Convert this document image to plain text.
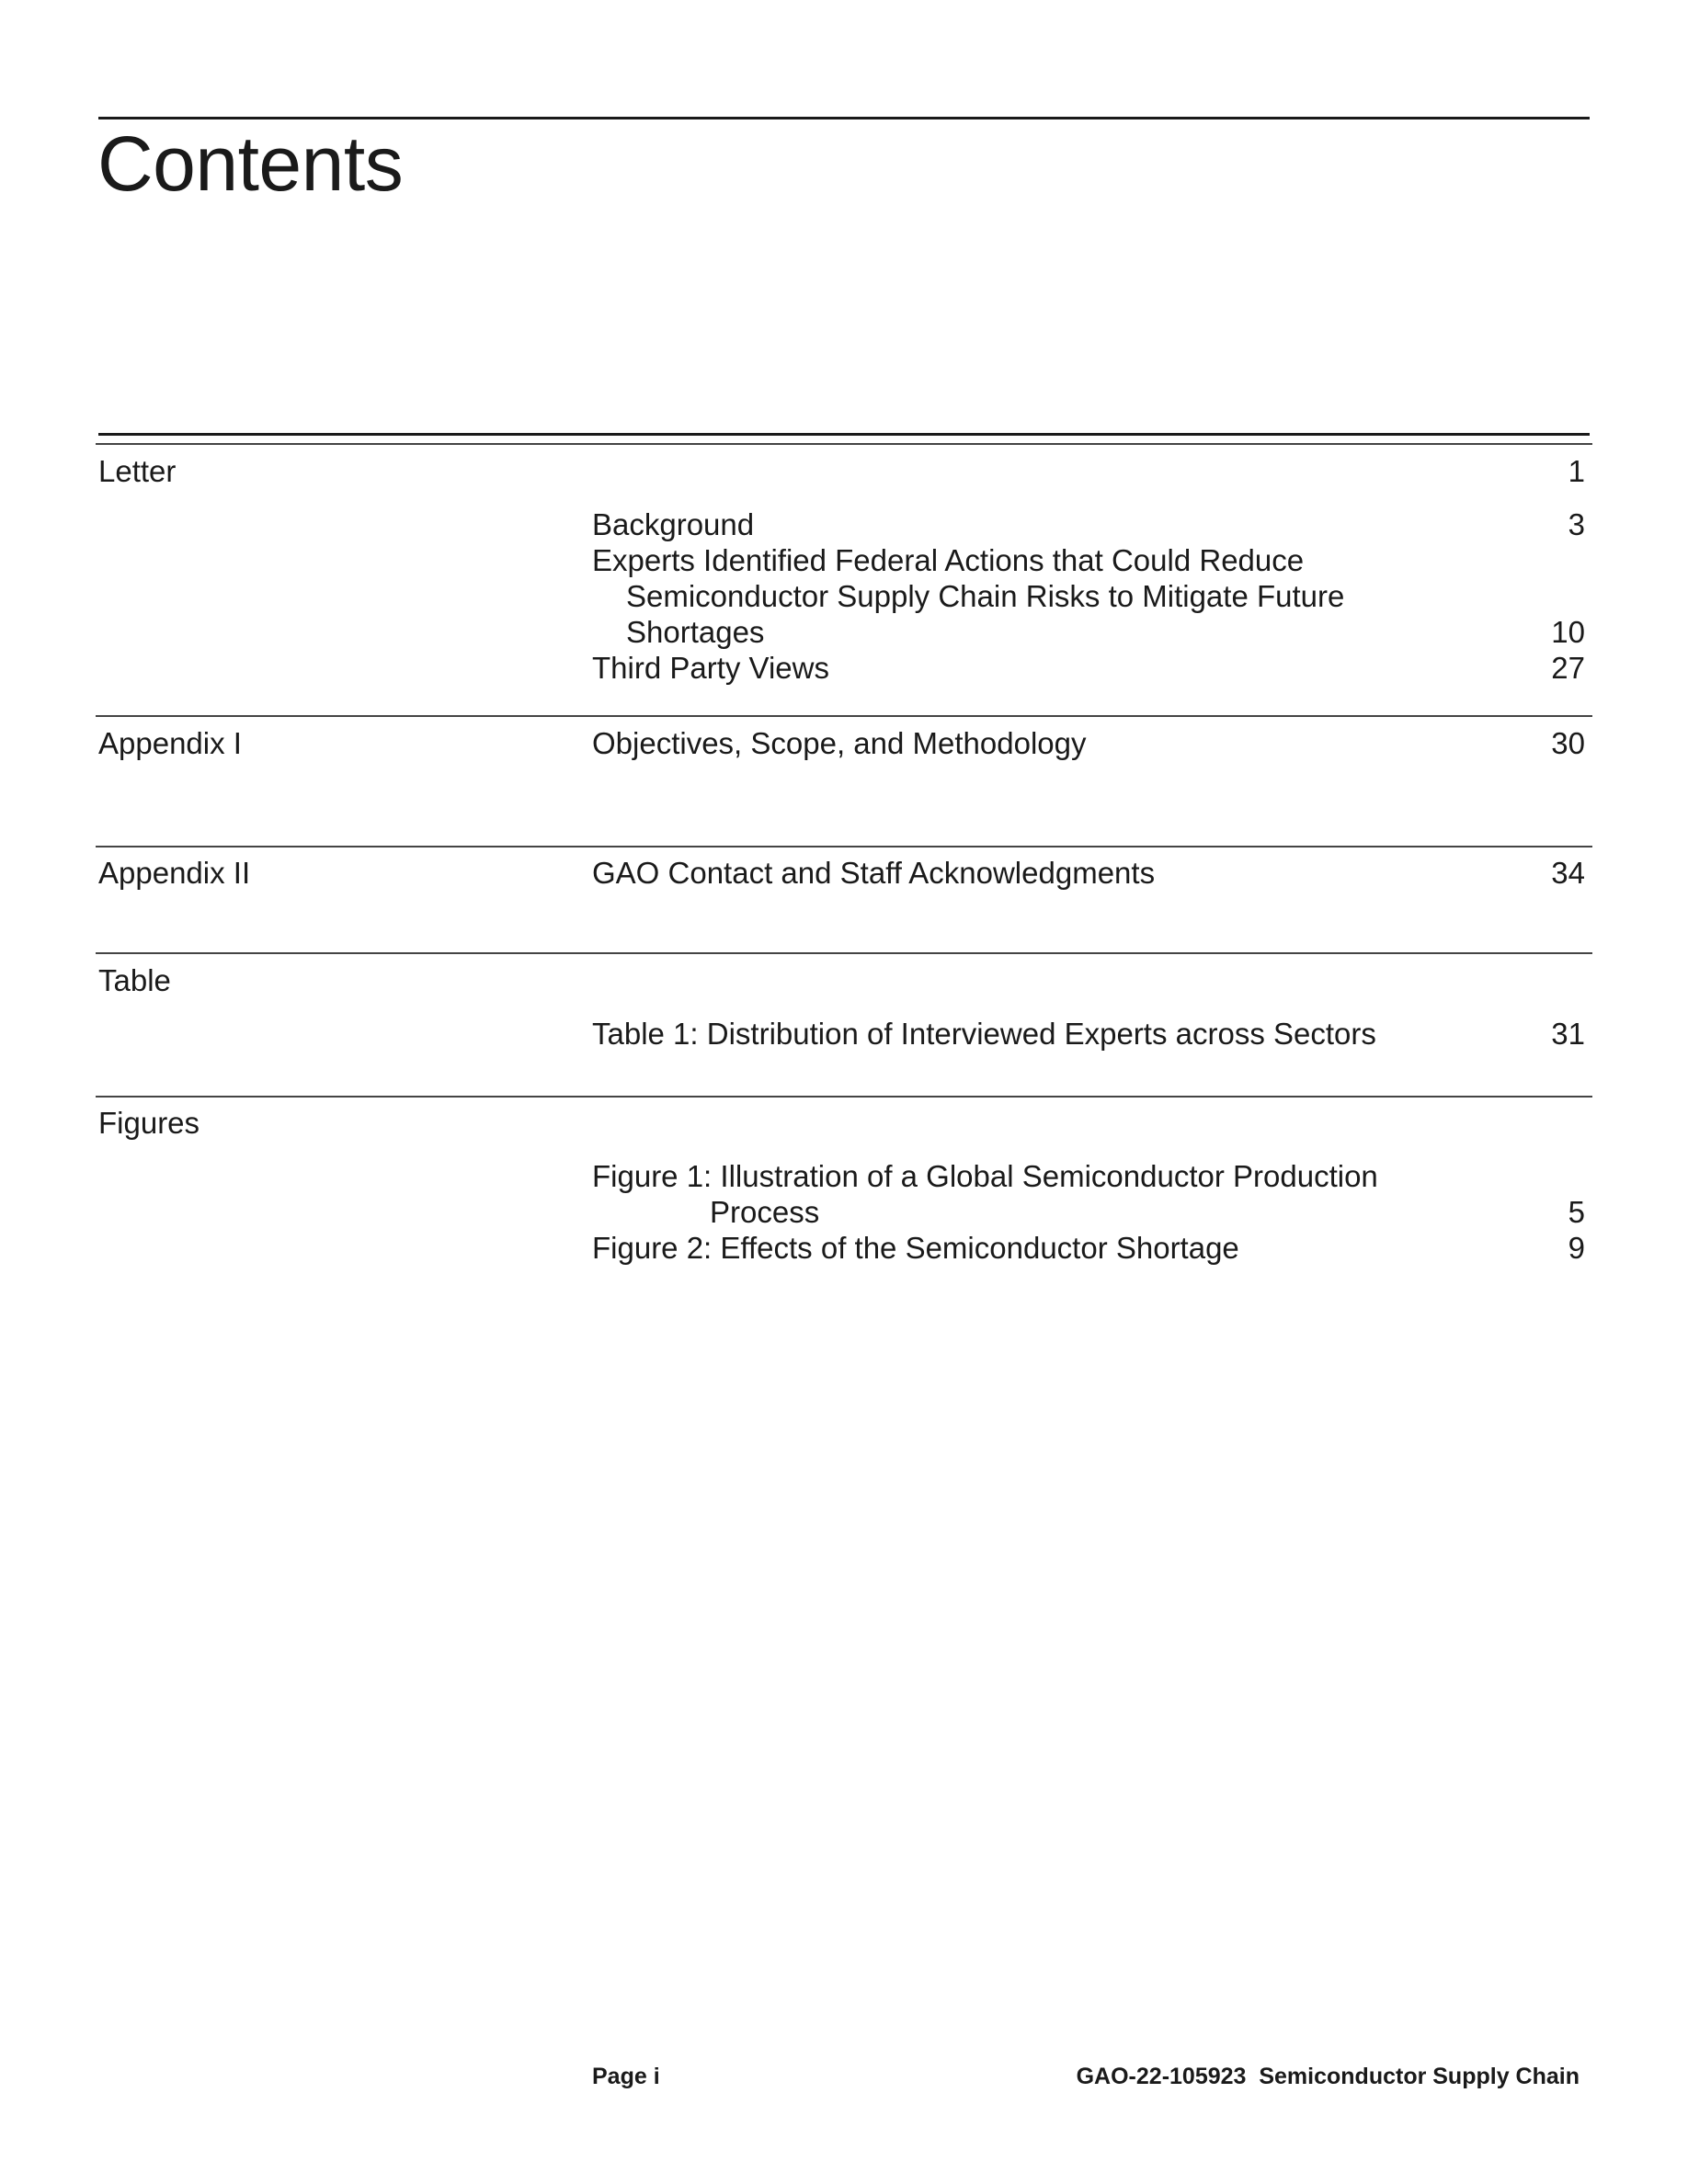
Contents
Letter	1
Background	3
Experts Identified Federal Actions that Could Reduce
Semiconductor Supply Chain Risks to Mitigate Future
Shortages	10
Third Party Views	27
Appendix I	Objectives, Scope, and Methodology	30
Appendix II	GAO Contact and Staff Acknowledgments	34
Table
Table 1: Distribution of Interviewed Experts across Sectors	31
Figures
Figure 1: Illustration of a Global Semiconductor Production
Process	5
Figure 2: Effects of the Semiconductor Shortage	9
Page i	GAO-22-105923 Semiconductor Supply Chain
